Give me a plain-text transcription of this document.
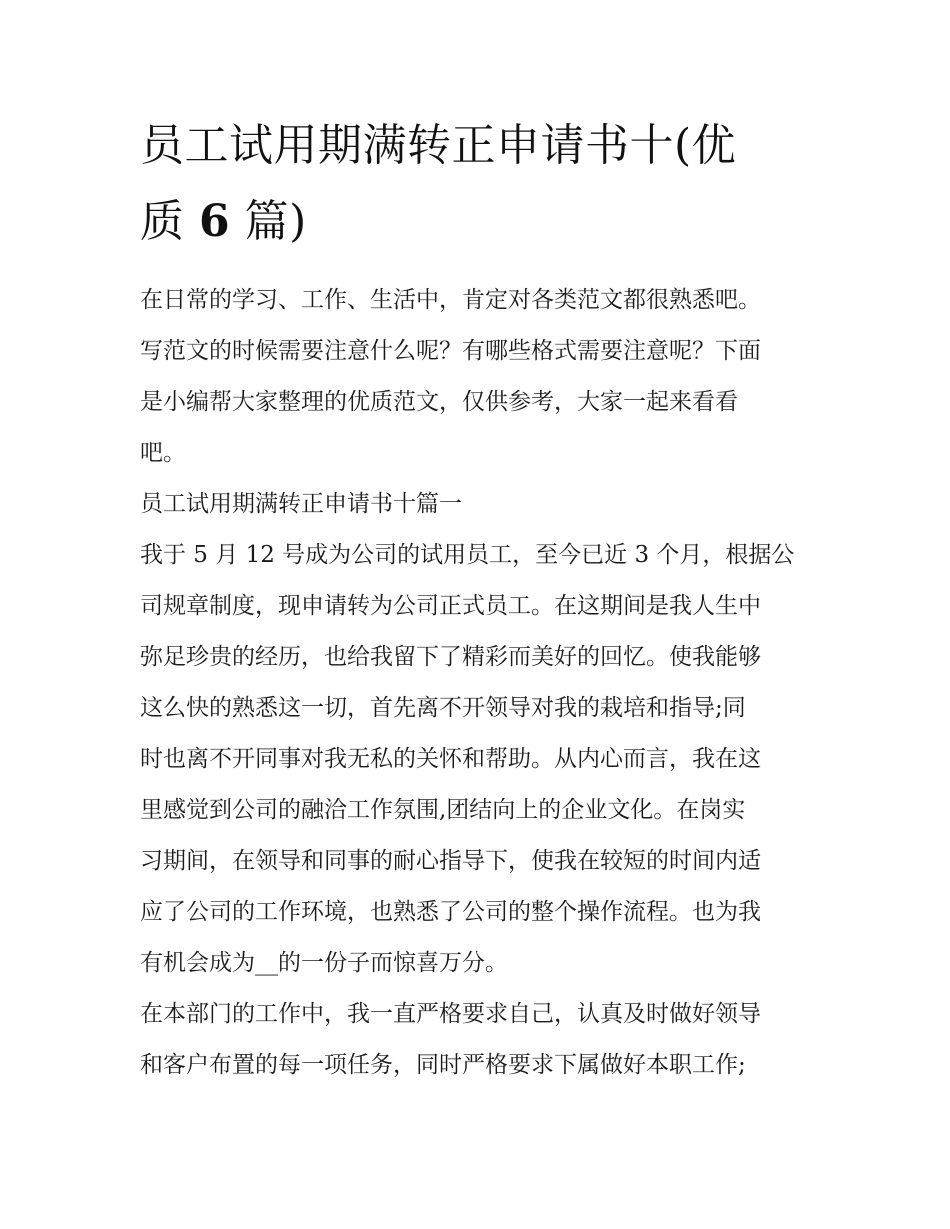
员工试用期满转正申请书十(优
质 6 篇)
在日常的学习、工作、生活中，肯定对各类范文都很熟悉吧。
写范文的时候需要注意什么呢？有哪些格式需要注意呢？下面
是小编帮大家整理的优质范文，仅供参考，大家一起来看看
吧。
员工试用期满转正申请书十篇一
我于 5 月 12 号成为公司的试用员工，至今已近 3 个月，根据公
司规章制度，现申请转为公司正式员工。在这期间是我人生中
弥足珍贵的经历，也给我留下了精彩而美好的回忆。使我能够
这么快的熟悉这一切，首先离不开领导对我的栽培和指导;同
时也离不开同事对我无私的关怀和帮助。从内心而言，我在这
里感觉到公司的融洽工作氛围,团结向上的企业文化。在岗实
习期间，在领导和同事的耐心指导下，使我在较短的时间内适
应了公司的工作环境，也熟悉了公司的整个操作流程。也为我
有机会成为__的一份子而惊喜万分。
在本部门的工作中，我一直严格要求自己，认真及时做好领导
和客户布置的每一项任务，同时严格要求下属做好本职工作;
